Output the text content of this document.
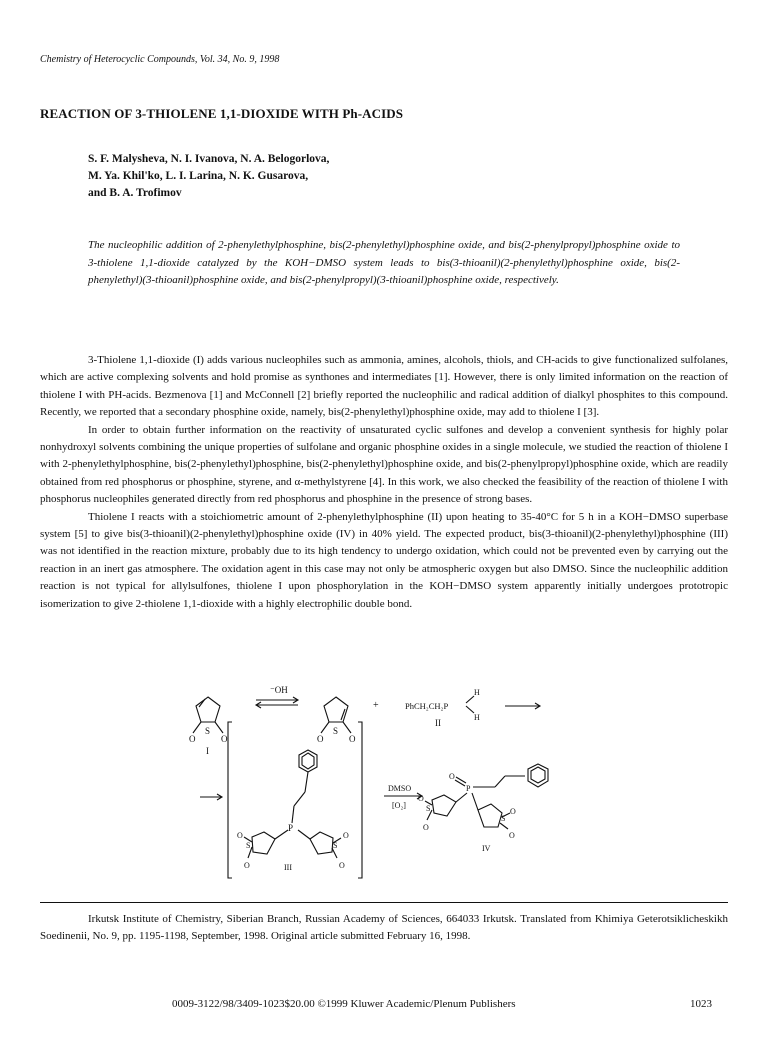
Chemistry of Heterocyclic Compounds, Vol. 34, No. 9, 1998
REACTION OF 3-THIOLENE 1,1-DIOXIDE WITH Ph-ACIDS
S. F. Malysheva, N. I. Ivanova, N. A. Belogorlova,
M. Ya. Khil'ko, L. I. Larina, N. K. Gusarova,
and B. A. Trofimov
The nucleophilic addition of 2-phenylethylphosphine, bis(2-phenylethyl)phosphine oxide, and bis(2-phenylpropyl)phosphine oxide to 3-thiolene 1,1-dioxide catalyzed by the KOH−DMSO system leads to bis(3-thioanil)(2-phenylethyl)phosphine oxide, bis(2-phenylethyl)(3-thioanil)phosphine oxide, and bis(2-phenylpropyl)(3-thioanil)phosphine oxide, respectively.

3-Thiolene 1,1-dioxide (I) adds various nucleophiles such as ammonia, amines, alcohols, thiols, and CH-acids to give functionalized sulfolanes, which are active complexing solvents and hold promise as synthones and intermediates [1]. However, there is only limited information on the reaction of thiolene I with PH-acids. Bezmenova [1] and McConnell [2] briefly reported the nucleophilic and radical addition of dialkyl phosphites to this compound. Recently, we reported that a secondary phosphine oxide, namely, bis(2-phenylethyl)phosphine oxide, may add to thiolene I [3].

In order to obtain further information on the reactivity of unsaturated cyclic sulfones and develop a convenient synthesis for highly polar nonhydroxyl solvents combining the unique properties of sulfolane and organic phosphine oxides in a single molecule, we studied the reaction of thiolene I with 2-phenylethylphosphine, bis(2-phenylethyl)phosphine, bis(2-phenylethyl)phosphine oxide, and bis(2-phenylpropyl)phosphine oxide, which are readily obtained from red phosphorus or phosphine, styrene, and α-methylstyrene [4]. In this work, we also checked the feasibility of the reaction of thiolene I with phosphorus nucleophiles generated directly from red phosphorus and phosphine in the presence of strong bases.

Thiolene I reacts with a stoichiometric amount of 2-phenylethylphosphine (II) upon heating to 35-40°C for 5 h in a KOH−DMSO superbase system [5] to give bis(3-thioanil)(2-phenylethyl)phosphine oxide (IV) in 40% yield. The expected product, bis(3-thioanil)(2-phenylethyl)phosphine (III) was not identified in the reaction mixture, probably due to its high tendency to undergo oxidation, which could not be prevented even by carrying out the reaction in an inert gas atmosphere. The oxidation agent in this case may not only be atmospheric oxygen but also DMSO. Since the nucleophilic addition reaction is not typical for allylsulfones, thiolene I upon phosphorylation in the KOH−DMSO system apparently initially undergoes prototropic isomerization to give 2-thiolene 1,1-dioxide with a highly electrophilic double bond.

S
O	O
I
⁻OH
S
O	O
+	PhCH₂CH₂P
H
H
II
P
S	S
O
O
O
O
III
DMSO
[O₂]
O
P
S
O
O
S
O
O
IV
Irkutsk Institute of Chemistry, Siberian Branch, Russian Academy of Sciences, 664033 Irkutsk. Translated from Khimiya Geterotsiklicheskikh Soedinenii, No. 9, pp. 1195-1198, September, 1998. Original article submitted February 16, 1998.
0009-3122/98/3409-1023$20.00 ©1999 Kluwer Academic/Plenum Publishers	1023
